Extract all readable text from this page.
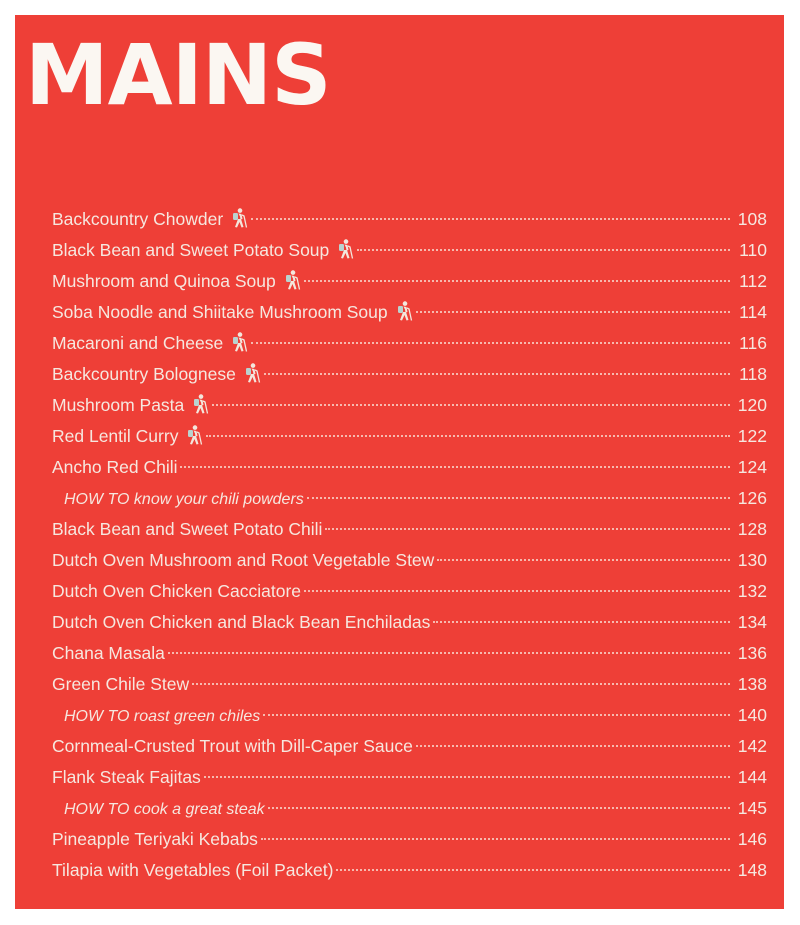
MAINS
Backcountry Chowder	108
Black Bean and Sweet Potato Soup	110
Mushroom and Quinoa Soup	112
Soba Noodle and Shiitake Mushroom Soup	114
Macaroni and Cheese	116
Backcountry Bolognese	118
Mushroom Pasta	120
Red Lentil Curry	122
Ancho Red Chili	124
HOW TO know your chili powders	126
Black Bean and Sweet Potato Chili	128
Dutch Oven Mushroom and Root Vegetable Stew	130
Dutch Oven Chicken Cacciatore	132
Dutch Oven Chicken and Black Bean Enchiladas	134
Chana Masala	136
Green Chile Stew	138
HOW TO roast green chiles	140
Cornmeal-Crusted Trout with Dill-Caper Sauce	142
Flank Steak Fajitas	144
HOW TO cook a great steak	145
Pineapple Teriyaki Kebabs	146
Tilapia with Vegetables (Foil Packet)	148
